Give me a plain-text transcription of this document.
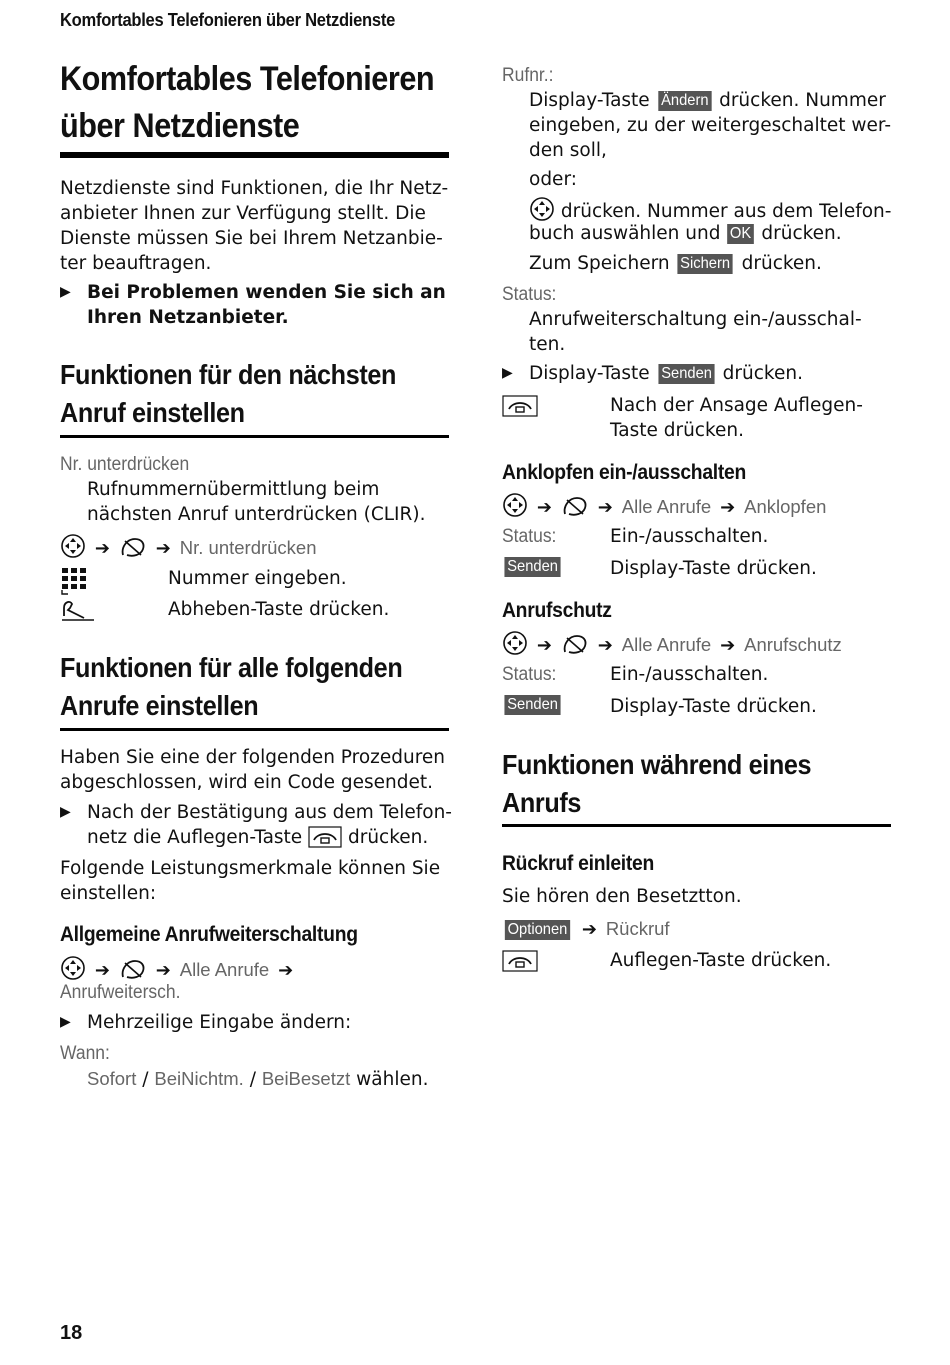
Komfortables Telefonieren über Netzdienste
Komfortables Telefonieren
über Netzdienste
Netzdienste sind Funktionen, die Ihr Netz-
anbieter Ihnen zur Verfügung stellt. Die
Dienste müssen Sie bei Ihrem Netzanbie-
ter beauftragen.
▶ Bei Problemen wenden Sie sich an
Ihren Netzanbieter.
Funktionen für den nächsten
Anruf einstellen
Nr. unterdrücken
Rufnummernübermittlung beim
nächsten Anruf unterdrücken (CLIR).
➔	➔ Nr. unterdrücken
Nummer eingeben.
Abheben-Taste drücken.
Funktionen für alle folgenden
Anrufe einstellen
Haben Sie eine der folgenden Prozeduren
abgeschlossen, wird ein Code gesendet.
▶ Nach der Bestätigung aus dem Telefon-
netz die Auflegen-Taste drücken.
Folgende Leistungsmerkmale können Sie
einstellen:
Allgemeine Anrufweiterschaltung
➔	➔ Alle Anrufe ➔
Anrufweitersch.
▶ Mehrzeilige Eingabe ändern:
Wann:
Sofort / BeiNichtm. / BeiBesetzt wählen.
Rufnr.:
Display-Taste Ändern drücken. Nummer
eingeben, zu der weitergeschaltet wer-
den soll,
oder:
drücken. Nummer aus dem Telefon-
buch auswählen und OK drücken.
Zum Speichern Sichern drücken.
Status:
Anrufweiterschaltung ein-/ausschal-
ten.
▶ Display-Taste Senden drücken.
Nach der Ansage Auflegen-
Taste drücken.
Anklopfen ein-/ausschalten
➔	➔ Alle Anrufe ➔ Anklopfen
Status:	Ein-/ausschalten.
Senden	Display-Taste drücken.
Anrufschutz
➔	➔ Alle Anrufe ➔ Anrufschutz
Status:	Ein-/ausschalten.
Senden	Display-Taste drücken.
Funktionen während eines
Anrufs
Rückruf einleiten
Sie hören den Besetztton.
Optionen ➔ Rückruf
Auflegen-Taste drücken.
18
